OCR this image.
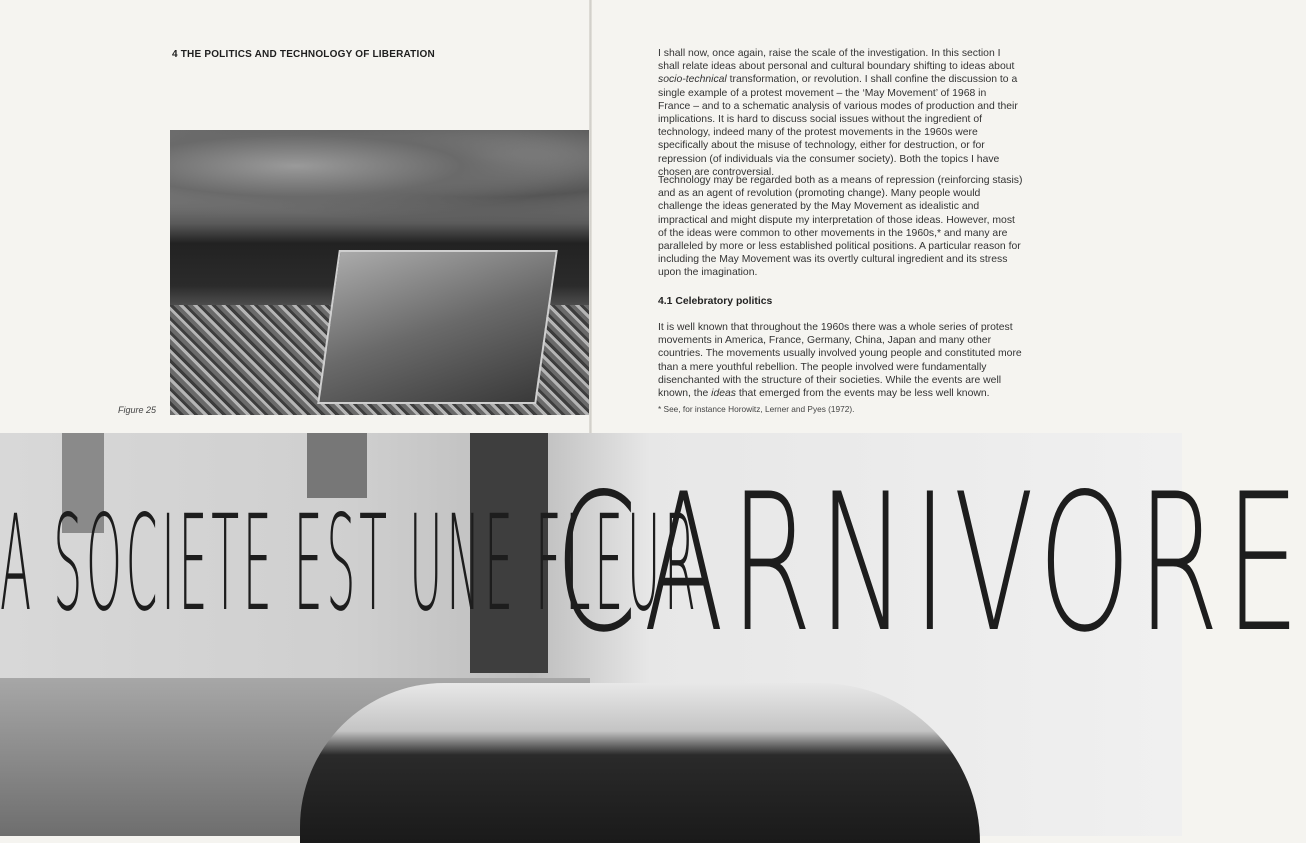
4 THE POLITICS AND TECHNOLOGY OF LIBERATION
Figure 25
I shall now, once again, raise the scale of the investigation. In this section I
shall relate ideas about personal and cultural boundary shifting to ideas about
socio-technical transformation, or revolution. I shall confine the discussion to a
single example of a protest movement – the ‘May Movement’ of 1968 in
France – and to a schematic analysis of various modes of production and their
implications. It is hard to discuss social issues without the ingredient of
technology, indeed many of the protest movements in the 1960s were
specifically about the misuse of technology, either for destruction, or for
repression (of individuals via the consumer society). Both the topics I have
chosen are controversial.
Technology may be regarded both as a means of repression (reinforcing stasis)
and as an agent of revolution (promoting change). Many people would
challenge the ideas generated by the May Movement as idealistic and
impractical and might dispute my interpretation of those ideas. However, most
of the ideas were common to other movements in the 1960s,* and many are
paralleled by more or less established political positions. A particular reason for
including the May Movement was its overtly cultural ingredient and its stress
upon the imagination.
4.1 Celebratory politics
It is well known that throughout the 1960s there was a whole series of protest
movements in America, France, Germany, China, Japan and many other
countries. The movements usually involved young people and constituted more
than a mere youthful rebellion. The people involved were fundamentally
disenchanted with the structure of their societies. While the events are well
known, the ideas that emerged from the events may be less well known.
* See, for instance Horowitz, Lerner and Pyes (1972).
A SOCIETE EST UNE FLEUR
CARNIVORE
